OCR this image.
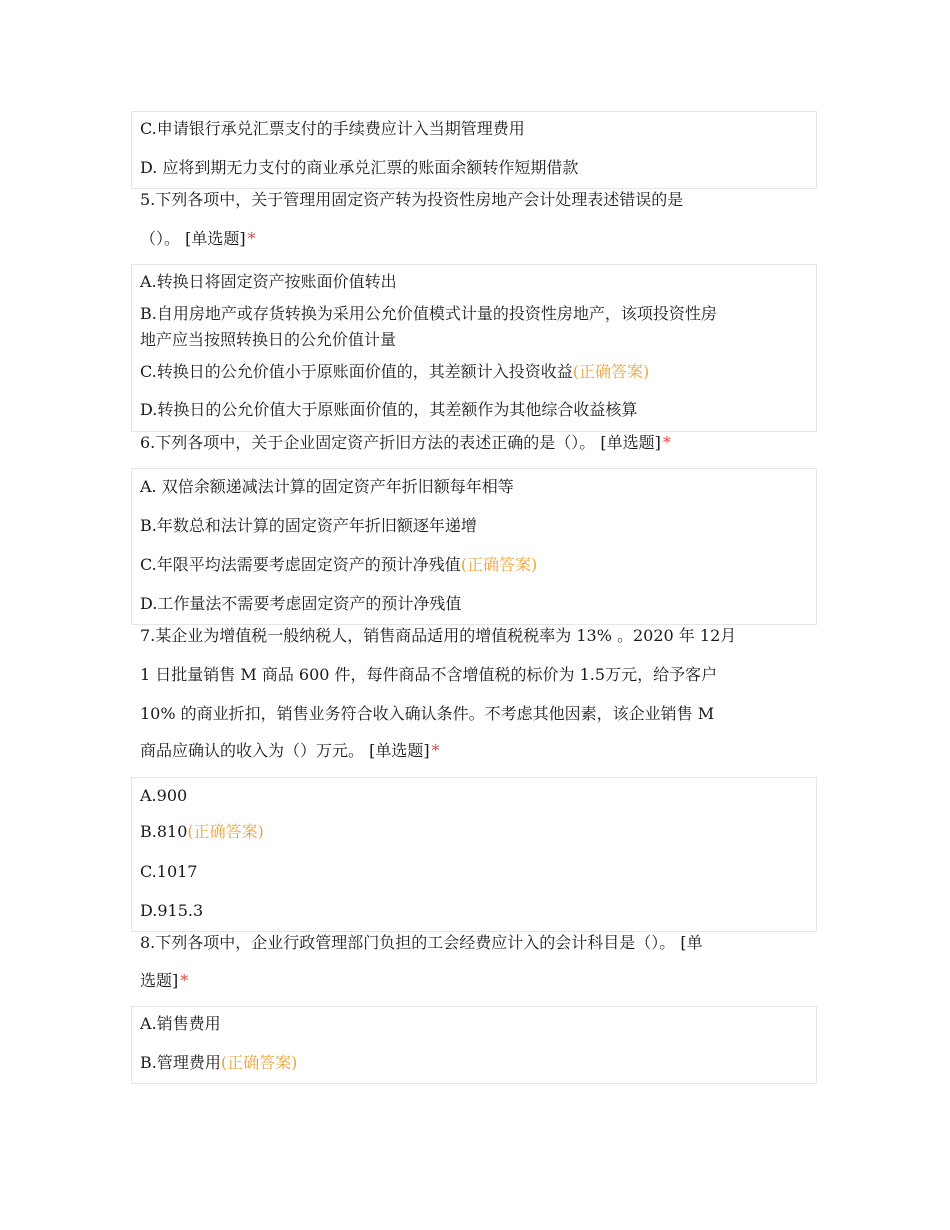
C.申请银行承兑汇票支付的手续费应计入当期管理费用
D. 应将到期无力支付的商业承兑汇票的账面余额转作短期借款
5.下列各项中，关于管理用固定资产转为投资性房地产会计处理表述错误的是
（）。 [单选题] *
A.转换日将固定资产按账面价值转出
B.自用房地产或存货转换为采用公允价值模式计量的投资性房地产，该项投资性房
地产应当按照转换日的公允价值计量
C.转换日的公允价值小于原账面价值的，其差额计入投资收益(正确答案)
D.转换日的公允价值大于原账面价值的，其差额作为其他综合收益核算
6.下列各项中，关于企业固定资产折旧方法的表述正确的是（）。 [单选题] *
A. 双倍余额递减法计算的固定资产年折旧额每年相等
B.年数总和法计算的固定资产年折旧额逐年递增
C.年限平均法需要考虑固定资产的预计净残值(正确答案)
D.工作量法不需要考虑固定资产的预计净残值
7.某企业为增值税一般纳税人，销售商品适用的增值税税率为 13% 。2020 年 12月
1 日批量销售 M 商品 600 件，每件商品不含增值税的标价为 1.5万元，给予客户
10% 的商业折扣，销售业务符合收入确认条件。不考虑其他因素，该企业销售 M
商品应确认的收入为（）万元。 [单选题] *
A.900
B.810(正确答案)
C.1017
D.915.3
8.下列各项中，企业行政管理部门负担的工会经费应计入的会计科目是（）。 [单
选题] *
A.销售费用
B.管理费用(正确答案)
